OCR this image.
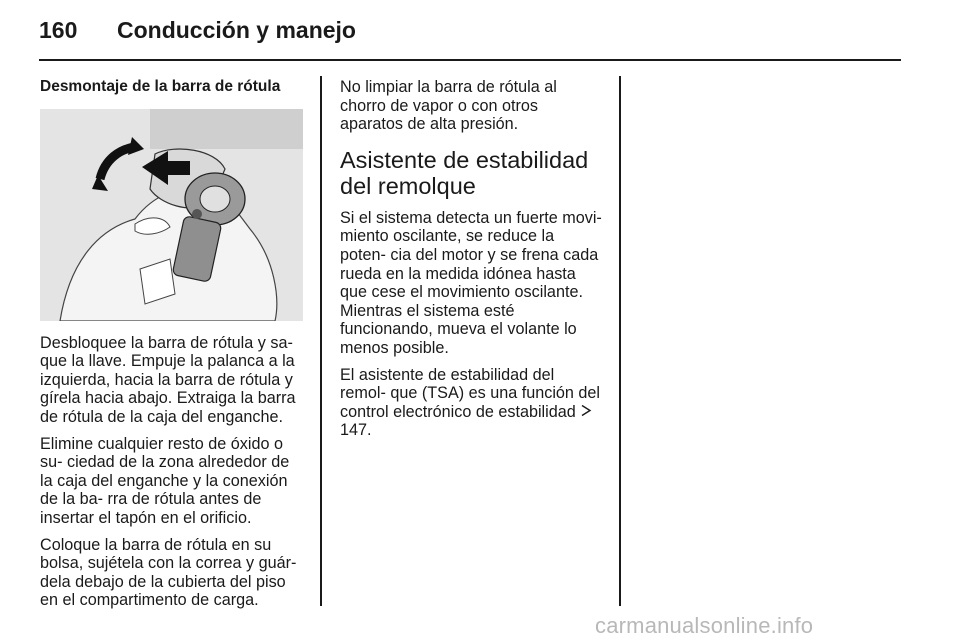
160 Conducción y manejo
Desmontaje de la barra de rótula

Desbloquee la barra de rótula y sa- que la llave. Empuje la palanca a la izquierda, hacia la barra de rótula y gírela hacia abajo. Extraiga la barra de rótula de la caja del enganche.

Elimine cualquier resto de óxido o su- ciedad de la zona alrededor de la caja del enganche y la conexión de la ba- rra de rótula antes de insertar el tapón en el orificio.

Coloque la barra de rótula en su bolsa, sujétela con la correa y guár- dela debajo de la cubierta del piso en el compartimento de carga.

No limpiar la barra de rótula al chorro de vapor o con otros aparatos de alta presión.

Asistente de estabilidad del remolque

Si el sistema detecta un fuerte movi- miento oscilante, se reduce la poten- cia del motor y se frena cada rueda en la medida idónea hasta que cese el movimiento oscilante. Mientras el sistema esté funcionando, mueva el volante lo menos posible.

El asistente de estabilidad del remol- que (TSA) es una función del control electrónico de estabilidad  147.

carmanualsonline.info
